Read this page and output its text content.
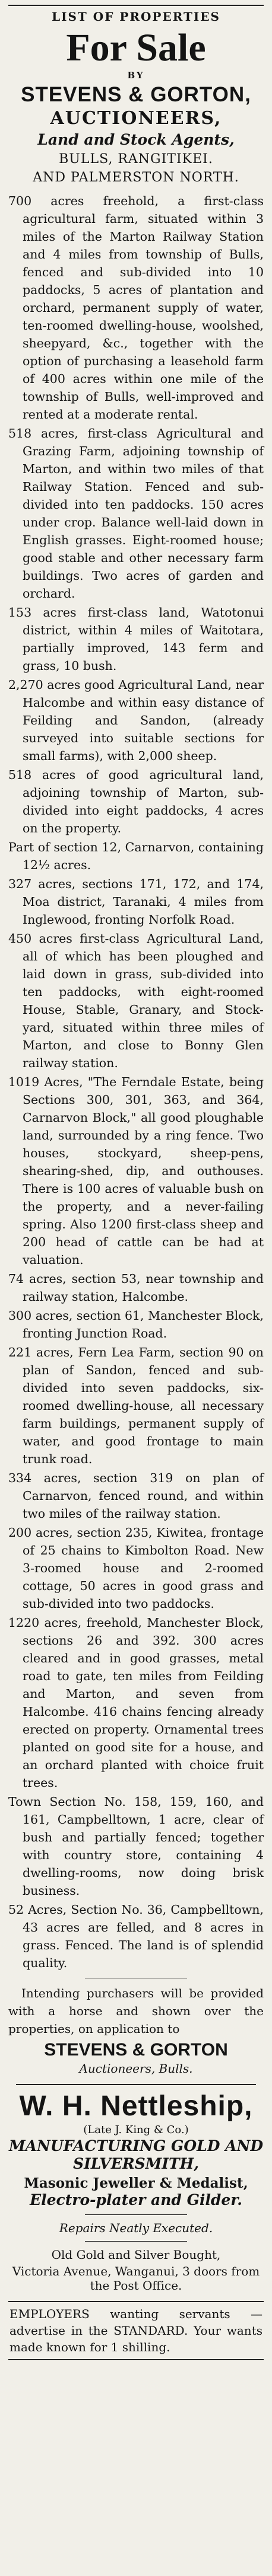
LIST OF PROPERTIES
For Sale
BY
STEVENS & GORTON,
AUCTIONEERS,
Land and Stock Agents,
BULLS, RANGITIKEI.
AND PALMERSTON NORTH.

700 acres freehold, a first-class agricultural farm, situated within 3 miles of the Marton Railway Station and 4 miles from township of Bulls, fenced and sub-divided into 10 paddocks, 5 acres of plantation and orchard, permanent supply of water, ten-roomed dwelling-house, woolshed, sheepyard, &c., together with the option of purchasing a leasehold farm of 400 acres within one mile of the township of Bulls, well-improved and rented at a moderate rental.

518 acres, first-class Agricultural and Grazing Farm, adjoining township of Marton, and within two miles of that Railway Station. Fenced and sub-divided into ten paddocks. 150 acres under crop. Balance well-laid down in English grasses. Eight-roomed house; good stable and other necessary farm buildings. Two acres of garden and orchard.

153 acres first-class land, Watotonui district, within 4 miles of Waitotara, partially improved, 143 ferm and grass, 10 bush.

2,270 acres good Agricultural Land, near Halcombe and within easy distance of Feilding and Sandon, (already surveyed into suitable sections for small farms), with 2,000 sheep.

518 acres of good agricultural land, adjoining township of Marton, sub-divided into eight paddocks, 4 acres on the property.

Part of section 12, Carnarvon, containing 12½ acres.

327 acres, sections 171, 172, and 174, Moa district, Taranaki, 4 miles from Inglewood, fronting Norfolk Road.

450 acres first-class Agricultural Land, all of which has been ploughed and laid down in grass, sub-divided into ten paddocks, with eight-roomed House, Stable, Granary, and Stock-yard, situated within three miles of Marton, and close to Bonny Glen railway station.

1019 Acres, "The Ferndale Estate, being Sections 300, 301, 363, and 364, Carnarvon Block," all good ploughable land, surrounded by a ring fence. Two houses, stockyard, sheep-pens, shearing-shed, dip, and outhouses. There is 100 acres of valuable bush on the property, and a never-failing spring. Also 1200 first-class sheep and 200 head of cattle can be had at valuation.

74 acres, section 53, near township and railway station, Halcombe.

300 acres, section 61, Manchester Block, fronting Junction Road.

221 acres, Fern Lea Farm, section 90 on plan of Sandon, fenced and sub-divided into seven paddocks, six-roomed dwelling-house, all necessary farm buildings, permanent supply of water, and good frontage to main trunk road.

334 acres, section 319 on plan of Carnarvon, fenced round, and within two miles of the railway station.

200 acres, section 235, Kiwitea, frontage of 25 chains to Kimbolton Road. New 3-roomed house and 2-roomed cottage, 50 acres in good grass and sub-divided into two paddocks.

1220 acres, freehold, Manchester Block, sections 26 and 392. 300 acres cleared and in good grasses, metal road to gate, ten miles from Feilding and Marton, and seven from Halcombe. 416 chains fencing already erected on property. Ornamental trees planted on good site for a house, and an orchard planted with choice fruit trees.

Town Section No. 158, 159, 160, and 161, Campbelltown, 1 acre, clear of bush and partially fenced; together with country store, containing 4 dwelling-rooms, now doing brisk business.

52 Acres, Section No. 36, Campbelltown, 43 acres are felled, and 8 acres in grass. Fenced. The land is of splendid quality.

Intending purchasers will be provided with a horse and shown over the properties, on application to

STEVENS & GORTON
Auctioneers, Bulls.
W. H. Nettleship,
(Late J. King & Co.)
MANUFACTURING GOLD AND
SILVERSMITH,
Masonic Jeweller & Medalist,
Electro-plater and Gilder.
Repairs Neatly Executed.
Old Gold and Silver Bought,
Victoria Avenue, Wanganui, 3 doors from the Post Office.
EMPLOYERS wanting servants — advertise in the STANDARD. Your wants made known for 1 shilling.
